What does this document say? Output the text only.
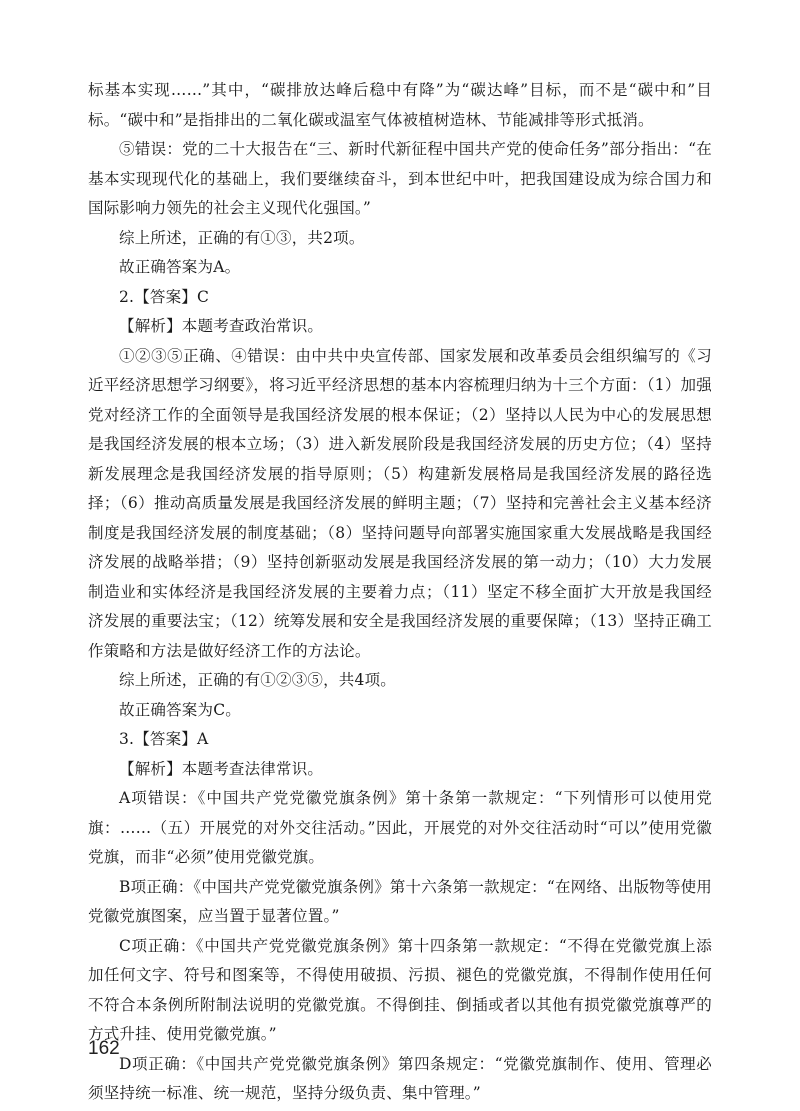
标基本实现……”其中，“碳排放达峰后稳中有降”为“碳达峰”目标，而不是“碳中和”目标。“碳中和”是指排出的二氧化碳或温室气体被植树造林、节能减排等形式抵消。

⑤错误：党的二十大报告在“三、新时代新征程中国共产党的使命任务”部分指出：“在基本实现现代化的基础上，我们要继续奋斗，到本世纪中叶，把我国建设成为综合国力和国际影响力领先的社会主义现代化强国。”

综上所述，正确的有①③，共2项。

故正确答案为A。

2.【答案】C

【解析】本题考查政治常识。

①②③⑤正确、④错误：由中共中央宣传部、国家发展和改革委员会组织编写的《习近平经济思想学习纲要》，将习近平经济思想的基本内容梳理归纳为十三个方面：（1）加强党对经济工作的全面领导是我国经济发展的根本保证；（2）坚持以人民为中心的发展思想是我国经济发展的根本立场；（3）进入新发展阶段是我国经济发展的历史方位；（4）坚持新发展理念是我国经济发展的指导原则；（5）构建新发展格局是我国经济发展的路径选择；（6）推动高质量发展是我国经济发展的鲜明主题；（7）坚持和完善社会主义基本经济制度是我国经济发展的制度基础；（8）坚持问题导向部署实施国家重大发展战略是我国经济发展的战略举措；（9）坚持创新驱动发展是我国经济发展的第一动力；（10）大力发展制造业和实体经济是我国经济发展的主要着力点；（11）坚定不移全面扩大开放是我国经济发展的重要法宝；（12）统筹发展和安全是我国经济发展的重要保障；（13）坚持正确工作策略和方法是做好经济工作的方法论。

综上所述，正确的有①②③⑤，共4项。

故正确答案为C。

3.【答案】A

【解析】本题考查法律常识。

A项错误：《中国共产党党徽党旗条例》第十条第一款规定：“下列情形可以使用党旗：……（五）开展党的对外交往活动。”因此，开展党的对外交往活动时“可以”使用党徽党旗，而非“必须”使用党徽党旗。

B项正确：《中国共产党党徽党旗条例》第十六条第一款规定：“在网络、出版物等使用党徽党旗图案，应当置于显著位置。”

C项正确：《中国共产党党徽党旗条例》第十四条第一款规定：“不得在党徽党旗上添加任何文字、符号和图案等，不得使用破损、污损、褪色的党徽党旗，不得制作使用任何不符合本条例所附制法说明的党徽党旗。不得倒挂、倒插或者以其他有损党徽党旗尊严的方式升挂、使用党徽党旗。”

D项正确：《中国共产党党徽党旗条例》第四条规定：“党徽党旗制作、使用、管理必须坚持统一标准、统一规范，坚持分级负责、集中管理。”

162
